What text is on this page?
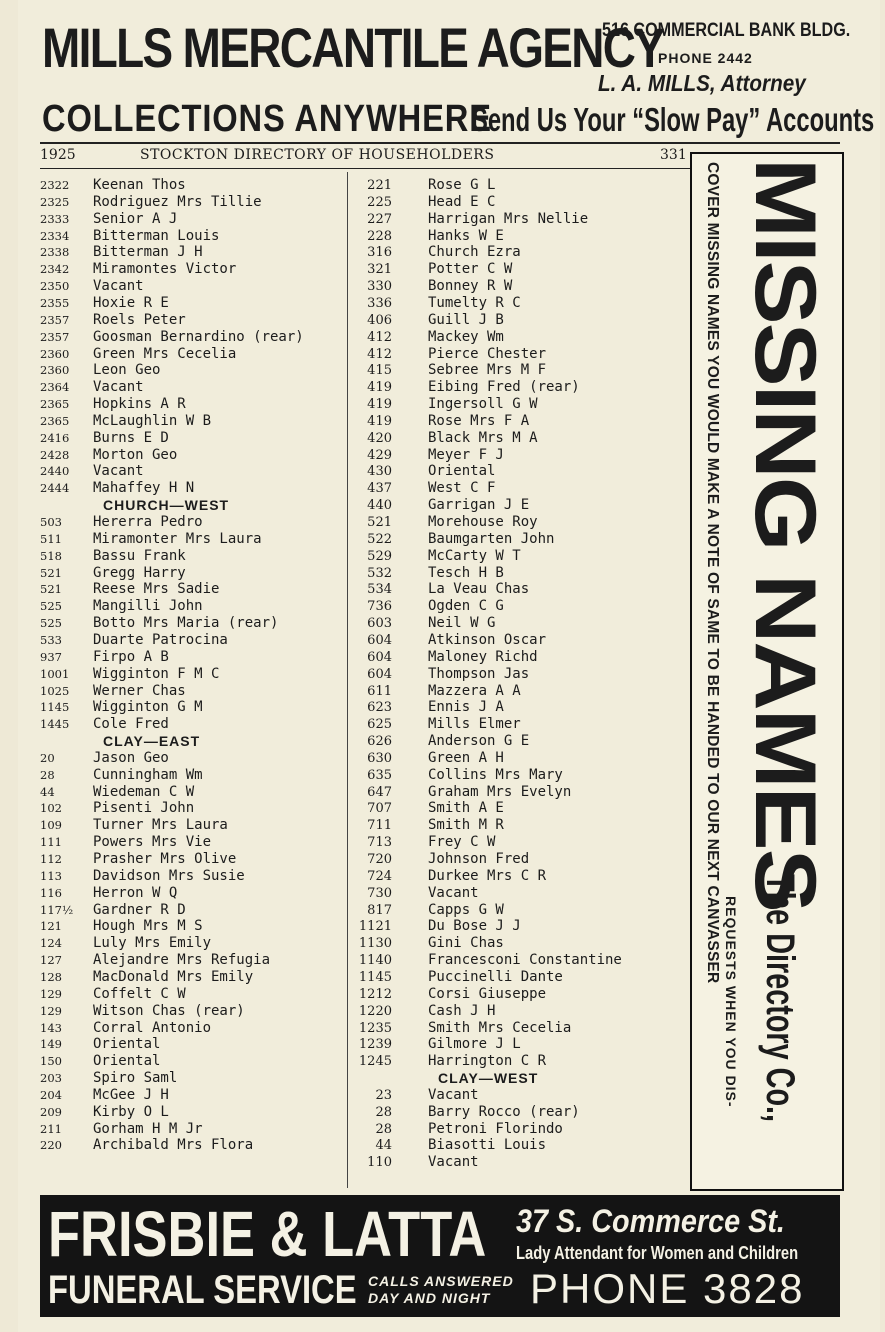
MILLS MERCANTILE AGENCY
COLLECTIONS ANYWHERE
516 COMMERCIAL BANK BLDG.
PHONE 2442
L. A. MILLS, Attorney
Send Us Your “Slow Pay” Accounts
1925	STOCKTON DIRECTORY OF HOUSEHOLDERS	331
2322 Keenan Thos
2325 Rodriguez Mrs Tillie
2333 Senior A J
2334 Bitterman Louis
2338 Bitterman J H
2342 Miramontes Victor
2350 Vacant
2355 Hoxie R E
2357 Roels Peter
2357 Goosman Bernardino (rear)
2360 Green Mrs Cecelia
2360 Leon Geo
2364 Vacant
2365 Hopkins A R
2365 McLaughlin W B
2416 Burns E D
2428 Morton Geo
2440 Vacant
2444 Mahaffey H N
CHURCH—WEST
503 Hererra Pedro
511 Miramonter Mrs Laura
518 Bassu Frank
521 Gregg Harry
521 Reese Mrs Sadie
525 Mangilli John
525 Botto Mrs Maria (rear)
533 Duarte Patrocina
937 Firpo A B
1001 Wigginton F M C
1025 Werner Chas
1145 Wigginton G M
1445 Cole Fred
CLAY—EAST
20	Jason Geo
28	Cunningham Wm
44	Wiedeman C W
102 Pisenti John
109 Turner Mrs Laura
111 Powers Mrs Vie
112 Prasher Mrs Olive
113 Davidson Mrs Susie
116 Herron W Q
117½ Gardner R D
121 Hough Mrs M S
124 Luly Mrs Emily
127 Alejandre Mrs Refugia
128 MacDonald Mrs Emily
129 Coffelt C W
129 Witson Chas (rear)
143 Corral Antonio
149 Oriental
150 Oriental
203 Spiro Saml
204 McGee J H
209 Kirby O L
211 Gorham H M Jr
220 Archibald Mrs Flora
221	Rose G L
225	Head E C
227	Harrigan Mrs Nellie
228	Hanks W E
316	Church Ezra
321	Potter C W
330	Bonney R W
336	Tumelty R C
406	Guill J B
412	Mackey Wm
412	Pierce Chester
415	Sebree Mrs M F
419	Eibing Fred (rear)
419	Ingersoll G W
419	Rose Mrs F A
420	Black Mrs M A
429	Meyer F J
430	Oriental
437	West C F
440	Garrigan J E
521	Morehouse Roy
522	Baumgarten John
529	McCarty W T
532	Tesch H B
534	La Veau Chas
736	Ogden C G
603	Neil W G
604	Atkinson Oscar
604	Maloney Richd
604	Thompson Jas
611	Mazzera A A
623	Ennis J A
625	Mills Elmer
626	Anderson G E
630	Green A H
635	Collins Mrs Mary
647	Graham Mrs Evelyn
707	Smith A E
711	Smith M R
713	Frey C W
720	Johnson Fred
724	Durkee Mrs C R
730	Vacant
817	Capps G W
1121	Du Bose J J
1130	Gini Chas
1140	Francesconi Constantine
1145	Puccinelli Dante
1212	Corsi Giuseppe
1220	Cash J H
1235	Smith Mrs Cecelia
1239	Gilmore J L
1245	Harrington C R
CLAY—WEST
23	Vacant
28	Barry Rocco (rear)
28	Petroni Florindo
44	Biasotti Louis
110	Vacant
MISSING NAMES
COVER MISSING NAMES YOU WOULD MAKE A NOTE OF SAME TO BE HANDED TO OUR NEXT CANVASSER
REQUESTS WHEN YOU DIS- The Directory Co.,
FRISBIE & LATTA
FUNERAL SERVICE
37 S. Commerce St.
Lady Attendant for Women and Children
CALLS ANSWERED
DAY AND NIGHT PHONE 3828
